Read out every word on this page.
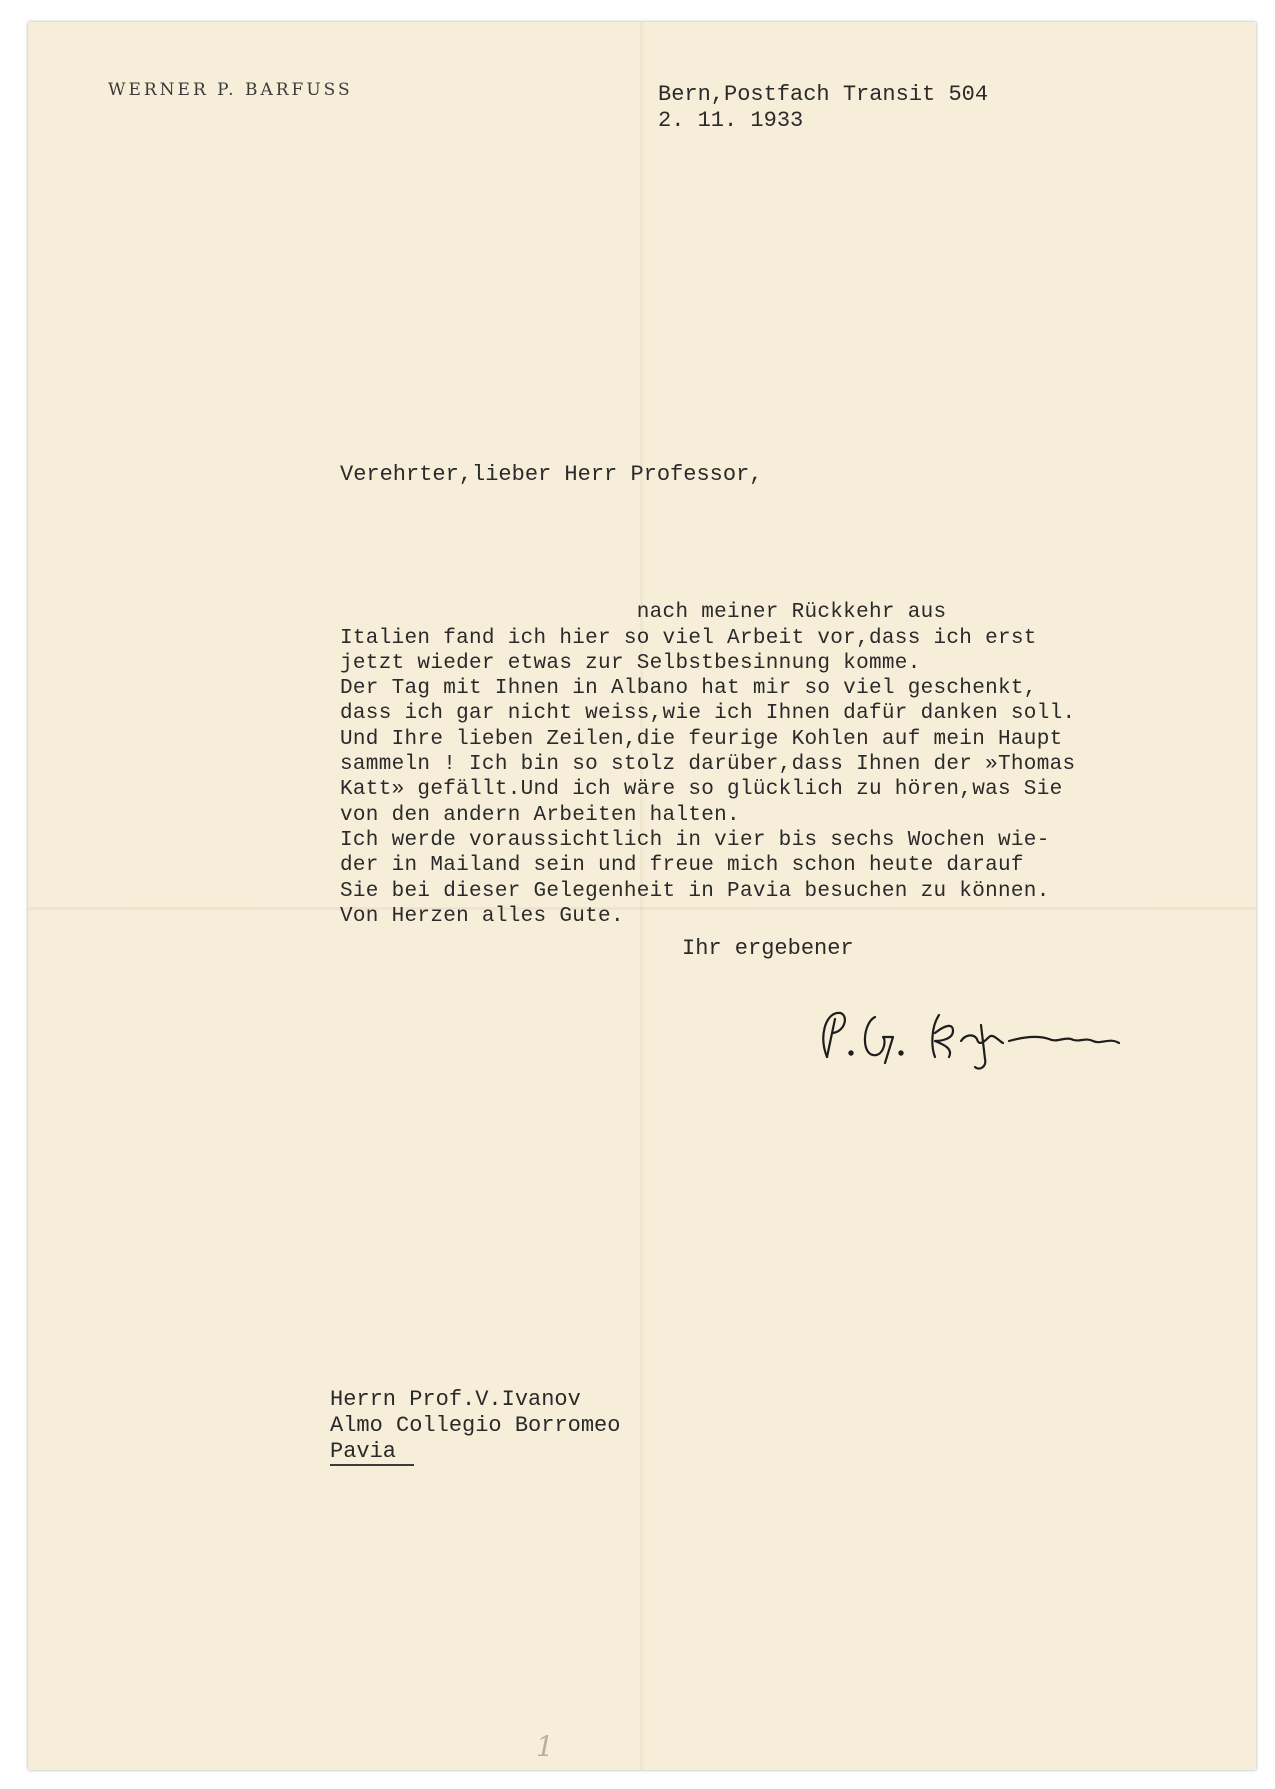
WERNER P. BARFUSS	Bern,Postfach Transit 504
2. 11. 1933
Verehrter,lieber Herr Professor,

nach meiner Rückkehr aus
Italien fand ich hier so viel Arbeit vor,dass ich erst
jetzt wieder etwas zur Selbstbesinnung komme.
Der Tag mit Ihnen in Albano hat mir so viel geschenkt,
dass ich gar nicht weiss,wie ich Ihnen dafür danken soll.
Und Ihre lieben Zeilen,die feurige Kohlen auf mein Haupt
sammeln ! Ich bin so stolz darüber,dass Ihnen der »Thomas
Katt» gefällt.Und ich wäre so glücklich zu hören,was Sie
von den andern Arbeiten halten.
Ich werde voraussichtlich in vier bis sechs Wochen wie-
der in Mailand sein und freue mich schon heute darauf
Sie bei dieser Gelegenheit in Pavia besuchen zu können.
Von Herzen alles Gute.

Ihr ergebener
Herrn Prof.V.Ivanov
Almo Collegio Borromeo
Pavia
1
